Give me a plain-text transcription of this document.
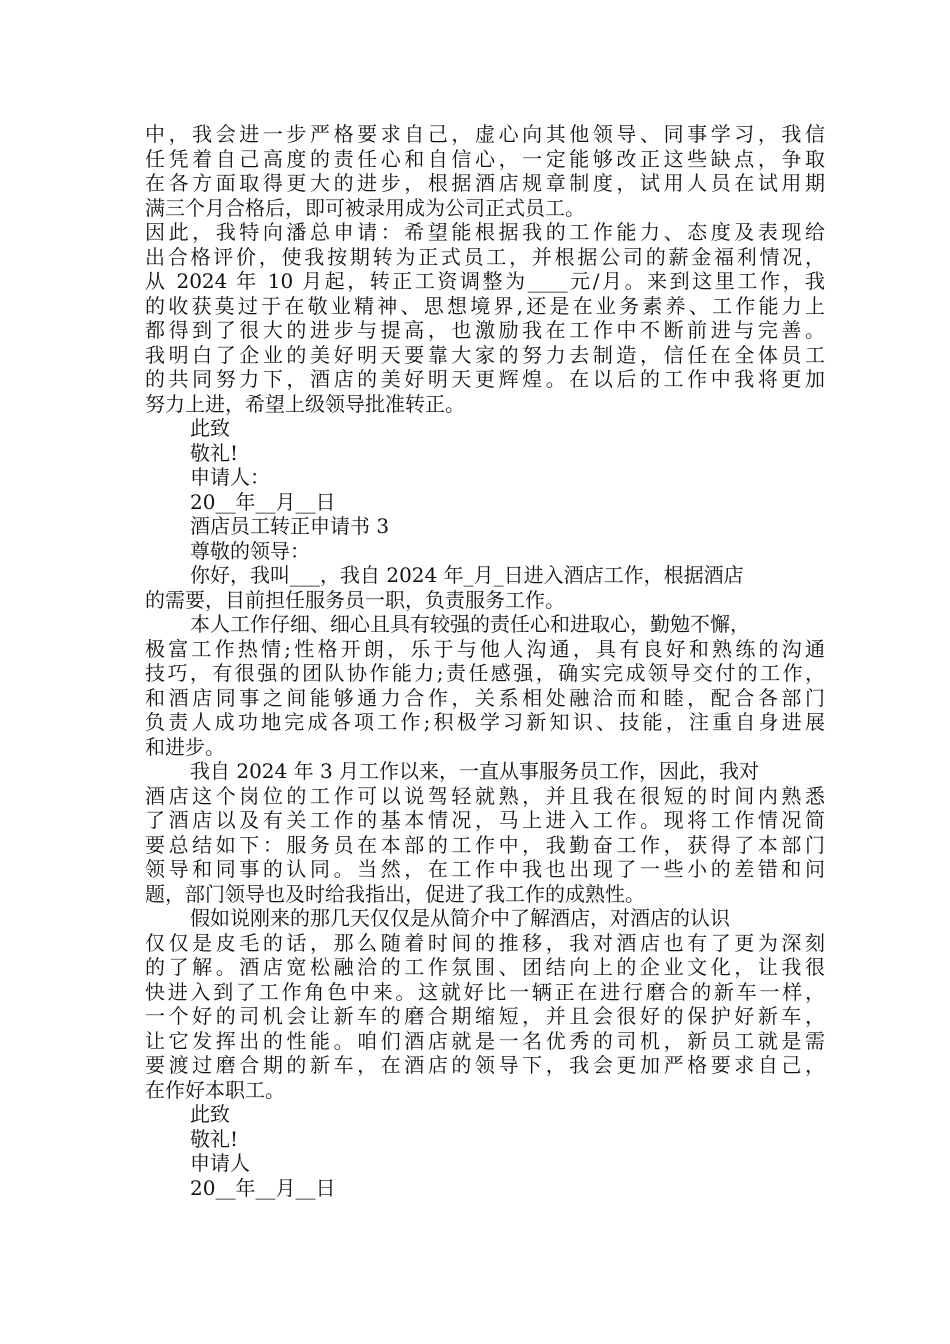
中，我会进一步严格要求自己，虚心向其他领导、同事学习，我信
任凭着自己高度的责任心和自信心，一定能够改正这些缺点，争取
在各方面取得更大的进步，根据酒店规章制度，试用人员在试用期
满三个月合格后，即可被录用成为公司正式员工。
因此，我特向潘总申请：希望能根据我的工作能力、态度及表现给
出合格评价，使我按期转为正式员工，并根据公司的薪金福利情况，
从 2024 年 10 月起，转正工资调整为____元/月。来到这里工作，我
的收获莫过于在敬业精神、思想境界,还是在业务素养、工作能力上
都得到了很大的进步与提高，也激励我在工作中不断前进与完善。
我明白了企业的美好明天要靠大家的努力去制造，信任在全体员工
的共同努力下，酒店的美好明天更辉煌。在以后的工作中我将更加
努力上进，希望上级领导批准转正。
此致
敬礼!
申请人：
20__年__月__日
酒店员工转正申请书 3
尊敬的领导：
你好，我叫___，我自 2024 年_月_日进入酒店工作，根据酒店
的需要，目前担任服务员一职，负责服务工作。
本人工作仔细、细心且具有较强的责任心和进取心，勤勉不懈，
极富工作热情;性格开朗，乐于与他人沟通，具有良好和熟练的沟通
技巧，有很强的团队协作能力;责任感强，确实完成领导交付的工作，
和酒店同事之间能够通力合作，关系相处融洽而和睦，配合各部门
负责人成功地完成各项工作;积极学习新知识、技能，注重自身进展
和进步。
我自 2024 年 3 月工作以来，一直从事服务员工作，因此，我对
酒店这个岗位的工作可以说驾轻就熟，并且我在很短的时间内熟悉
了酒店以及有关工作的基本情况，马上进入工作。现将工作情况简
要总结如下：服务员在本部的工作中，我勤奋工作，获得了本部门
领导和同事的认同。当然，在工作中我也出现了一些小的差错和问
题，部门领导也及时给我指出，促进了我工作的成熟性。
假如说刚来的那几天仅仅是从简介中了解酒店，对酒店的认识
仅仅是皮毛的话，那么随着时间的推移，我对酒店也有了更为深刻
的了解。酒店宽松融洽的工作氛围、团结向上的企业文化，让我很
快进入到了工作角色中来。这就好比一辆正在进行磨合的新车一样，
一个好的司机会让新车的磨合期缩短，并且会很好的保护好新车，
让它发挥出的性能。咱们酒店就是一名优秀的司机，新员工就是需
要渡过磨合期的新车，在酒店的领导下，我会更加严格要求自己，
在作好本职工。
此致
敬礼!
申请人
20__年__月__日
